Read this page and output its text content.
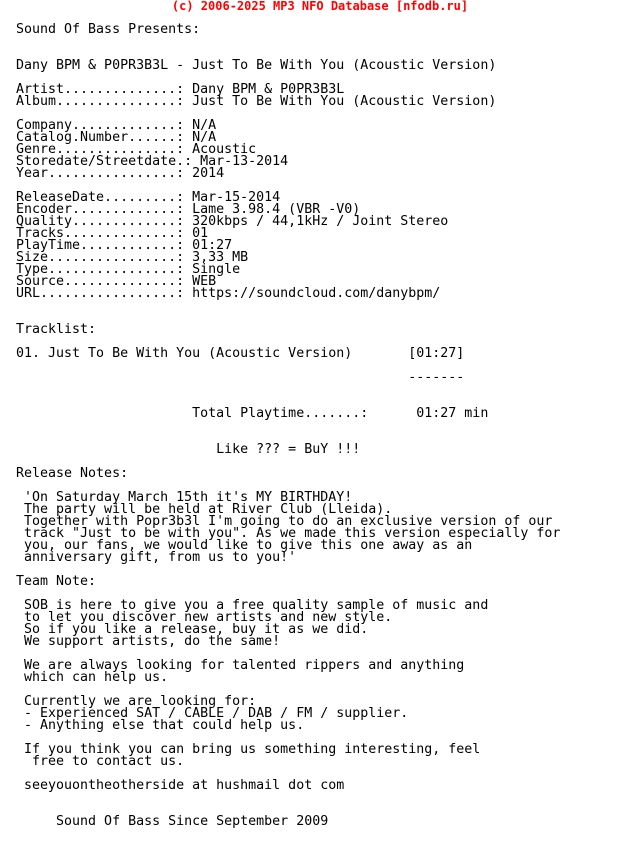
(c) 2006-2025 MP3 NFO Database [nfodb.ru]
Sound Of Bass Presents:

Dany BPM & P0PR3B3L - Just To Be With You (Acoustic Version)

Artist..............: Dany BPM & P0PR3B3L
Album...............: Just To Be With You (Acoustic Version)

Company.............: N/A
Catalog.Number......: N/A
Genre...............: Acoustic
Storedate/Streetdate.: Mar-13-2014
Year................: 2014

ReleaseDate.........: Mar-15-2014
Encoder.............: Lame 3.98.4 (VBR -V0)
Quality.............: 320kbps / 44,1kHz / Joint Stereo
Tracks..............: 01
PlayTime............: 01:27
Size................: 3,33 MB
Type................: Single
Source..............: WEB
URL.................: https://soundcloud.com/danybpm/

Tracklist:

01. Just To Be With You (Acoustic Version)       [01:27]

-------

Total Playtime.......:      01:27 min

Like ??? = BuY !!!

Release Notes:

'On Saturday March 15th it's MY BIRTHDAY!
The party will be held at River Club (Lleida).
Together with Popr3b3l I'm going to do an exclusive version of our
track "Just to be with you". As we made this version especially for
you, our fans, we would like to give this one away as an
anniversary gift, from us to you!'

Team Note:

SOB is here to give you a free quality sample of music and
to let you discover new artists and new style.
So if you like a release, buy it as we did.
We support artists, do the same!

We are always looking for talented rippers and anything
which can help us.

Currently we are looking for:
- Experienced SAT / CABLE / DAB / FM / supplier.
- Anything else that could help us.

If you think you can bring us something interesting, feel
free to contact us.

seeyouontheotherside at hushmail dot com

Sound Of Bass Since September 2009
